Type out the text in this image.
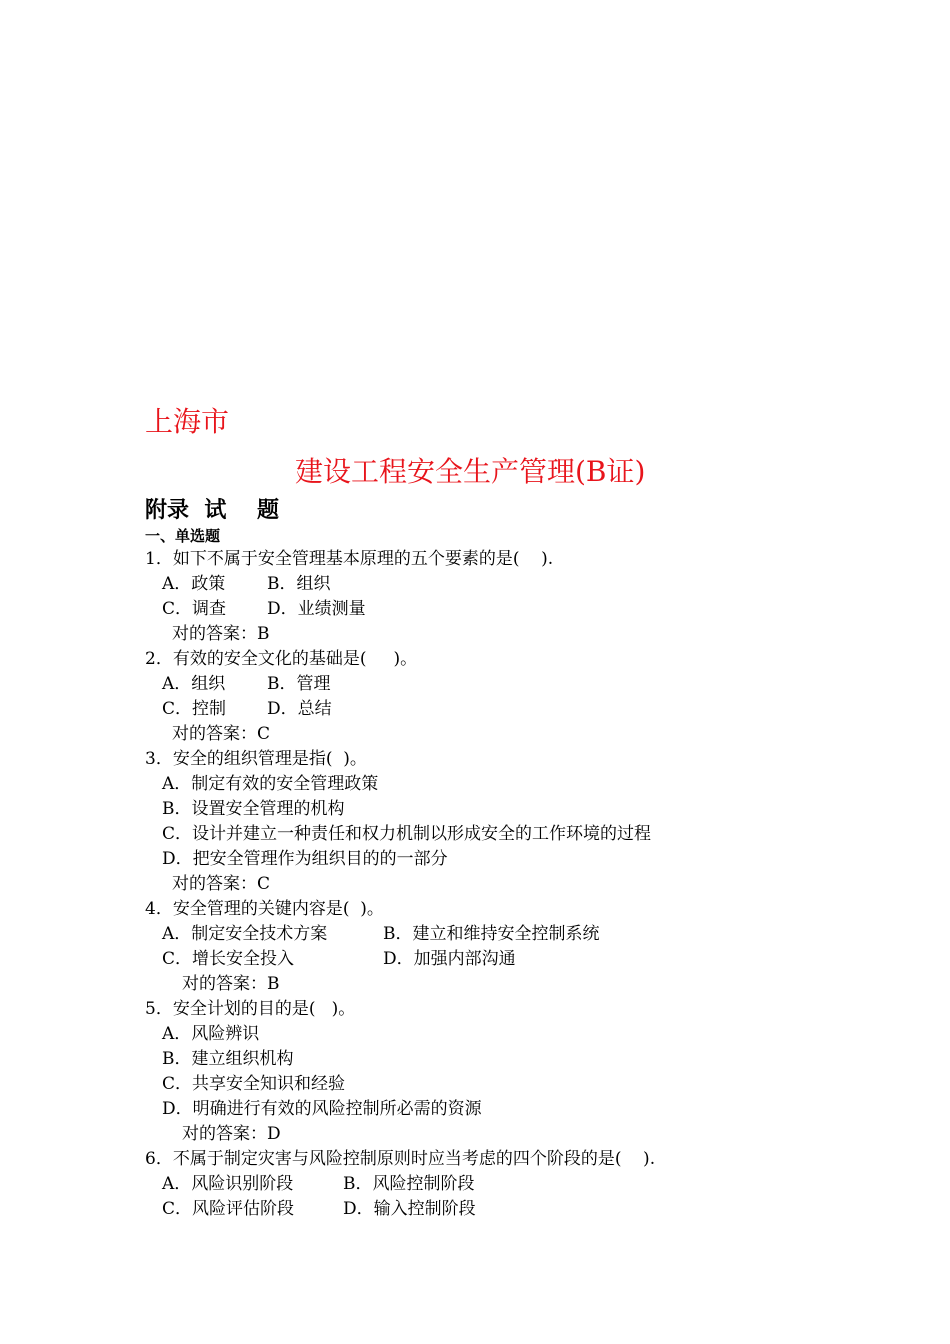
上海市
建设工程安全生产管理(B证)
附录  试    题
一、单选题
1．如下不属于安全管理基本原理的五个要素的是(    ).
A．政策 B．组织
C．调查 D．业绩测量
对的答案：B
2．有效的安全文化的基础是(     )。
A．组织 B．管理
C．控制 D．总结
对的答案：C
3．安全的组织管理是指(  )。
A．制定有效的安全管理政策
B．设置安全管理的机构
C．设计并建立一种责任和权力机制以形成安全的工作环境的过程
D．把安全管理作为组织目的的一部分
对的答案：C
4．安全管理的关键内容是(  )。
A．制定安全技术方案	B．建立和维持安全控制系统
C．增长安全投入	D．加强内部沟通
对的答案：B
5．安全计划的目的是(   )。
A．风险辨识
B．建立组织机构
C．共享安全知识和经验
D．明确进行有效的风险控制所必需的资源
对的答案：D
6．不属于制定灾害与风险控制原则时应当考虑的四个阶段的是(    ).
A．风险识别阶段	B．风险控制阶段
C．风险评估阶段	D．输入控制阶段
